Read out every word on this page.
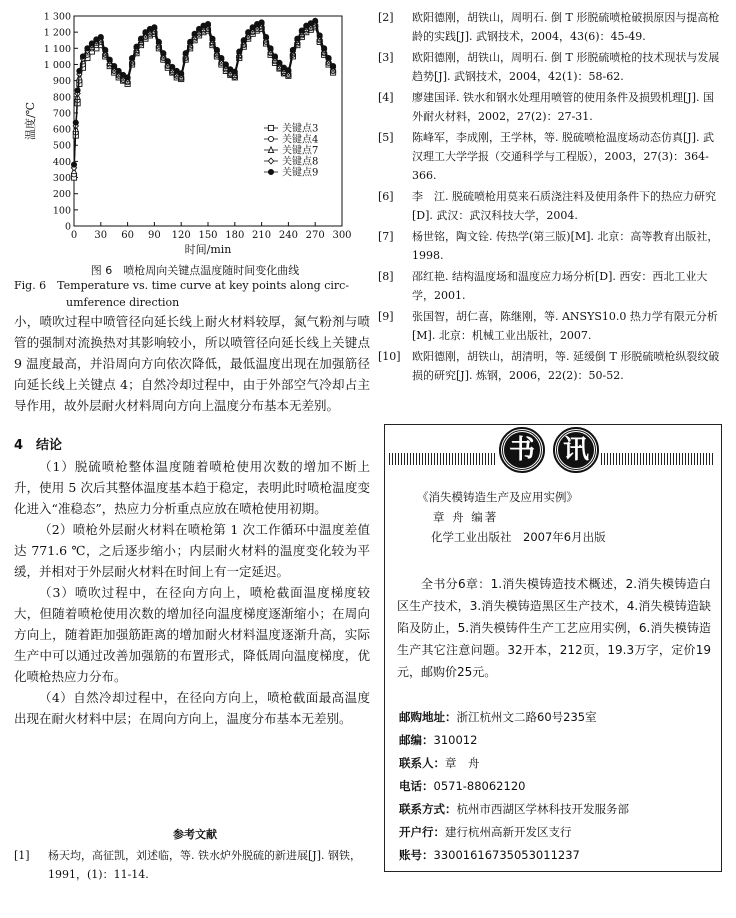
0 30 60 90 120 150 180 210 240 270 300
0
100
200
300
400
500
600
700
800
900
1 000
1 100
1 200
1 300
时间/min
温度/℃	关键点3
关键点4
关键点7
关键点8
关键点9
图 6　喷枪周向关键点温度随时间变化曲线
Fig. 6　Temperature vs. time curve at key points along circ-
umference direction

小，喷吹过程中喷管径向延长线上耐火材料较厚，氮气粉剂与喷管的强制对流换热对其影响较小，所以喷管径向延长线上关键点 9 温度最高，并沿周向方向依次降低，最低温度出现在加强筋径向延长线上关键点 4；自然冷却过程中，由于外部空气冷却占主导作用，故外层耐火材料周向方向上温度分布基本无差别。

4　结论

（1）脱硫喷枪整体温度随着喷枪使用次数的增加不断上升，使用 5 次后其整体温度基本趋于稳定，表明此时喷枪温度变化进入“准稳态”，热应力分析重点应放在喷枪使用初期。

（2）喷枪外层耐火材料在喷枪第 1 次工作循环中温度差值达 771.6 ℃，之后逐步缩小；内层耐火材料的温度变化较为平缓，并相对于外层耐火材料在时间上有一定延迟。

（3）喷吹过程中，在径向方向上，喷枪截面温度梯度较大，但随着喷枪使用次数的增加径向温度梯度逐渐缩小；在周向方向上，随着距加强筋距离的增加耐火材料温度逐渐升高，实际生产中可以通过改善加强筋的布置形式，降低周向温度梯度，优化喷枪热应力分布。

（4）自然冷却过程中，在径向方向上，喷枪截面最高温度出现在耐火材料中层；在周向方向上，温度分布基本无差别。

参考文献
[1]	杨天均，高征凯，刘述临，等. 铁水炉外脱硫的新进展[J]. 钢铁，1991，(1)：11-14.
[2]	欧阳德刚，胡铁山，周明石. 倒 T 形脱硫喷枪破损原因与提高枪龄的实践[J]. 武钢技术，2004，43(6)：45-49.
[3]	欧阳德刚，胡铁山，周明石. 倒 T 形脱硫喷枪的技术现状与发展趋势[J]. 武钢技术，2004，42(1)：58-62.
[4]	廖建国译. 铁水和钢水处理用喷管的使用条件及损毁机理[J]. 国外耐火材料，2002，27(2)：27-31.
[5]	陈峰军，李成刚，王学林，等. 脱硫喷枪温度场动态仿真[J]. 武汉理工大学学报（交通科学与工程版），2003，27(3)：364-366.
[6]	李　江. 脱硫喷枪用莫来石质浇注料及使用条件下的热应力研究[D]. 武汉：武汉科技大学，2004.
[7]	杨世铭，陶文铨. 传热学(第三版)[M]. 北京：高等教育出版社，1998.
[8]	邵红艳. 结构温度场和温度应力场分析[D]. 西安：西北工业大学，2001.
[9]	张国智，胡仁喜，陈继刚，等. ANSYS10.0 热力学有限元分析[M]. 北京：机械工业出版社，2007.
[10]	欧阳德刚，胡铁山，胡清明，等. 延缓倒 T 形脱硫喷枪纵裂纹破损的研究[J]. 炼钢，2006，22(2)：50-52.
书	讯
《消失模铸造生产及应用实例》
章 舟 编著
化学工业出版社　2007年6月出版
全书分6章：1.消失模铸造技术概述，2.消失模铸造白区生产技术，3.消失模铸造黑区生产技术，4.消失模铸造缺陷及防止，5.消失模铸件生产工艺应用实例，6.消失模铸造生产其它注意问题。32开本，212页，19.3万字，定价19元，邮购价25元。
邮购地址：浙江杭州文二路60号235室
邮编：310012
联系人：章　舟
电话：0571-88062120
联系方式：杭州市西湖区学林科技开发服务部
开户行：建行杭州高新开发区支行
账号：33001616735053011237
